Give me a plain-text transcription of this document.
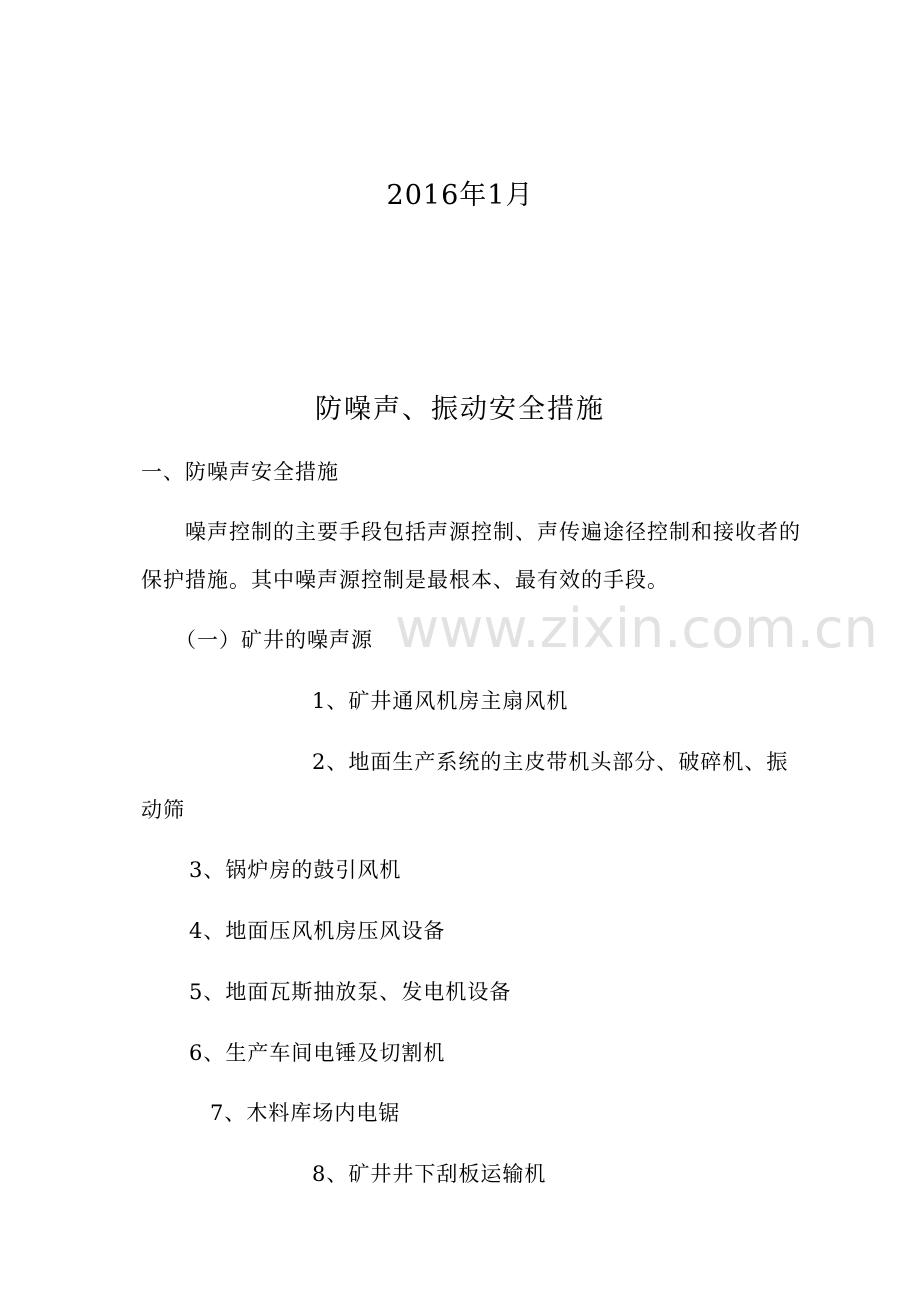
2016年1月
防噪声、振动安全措施
一、防噪声安全措施
噪声控制的主要手段包括声源控制、声传遍途径控制和接收者的
保护措施。其中噪声源控制是最根本、最有效的手段。
（一）矿井的噪声源
1、矿井通风机房主扇风机
2、地面生产系统的主皮带机头部分、破碎机、振
动筛
3、锅炉房的鼓引风机
4、地面压风机房压风设备
5、地面瓦斯抽放泵、发电机设备
6、生产车间电锤及切割机
7、木料库场内电锯
8、矿井井下刮板运输机
www.zixin.com.cn
